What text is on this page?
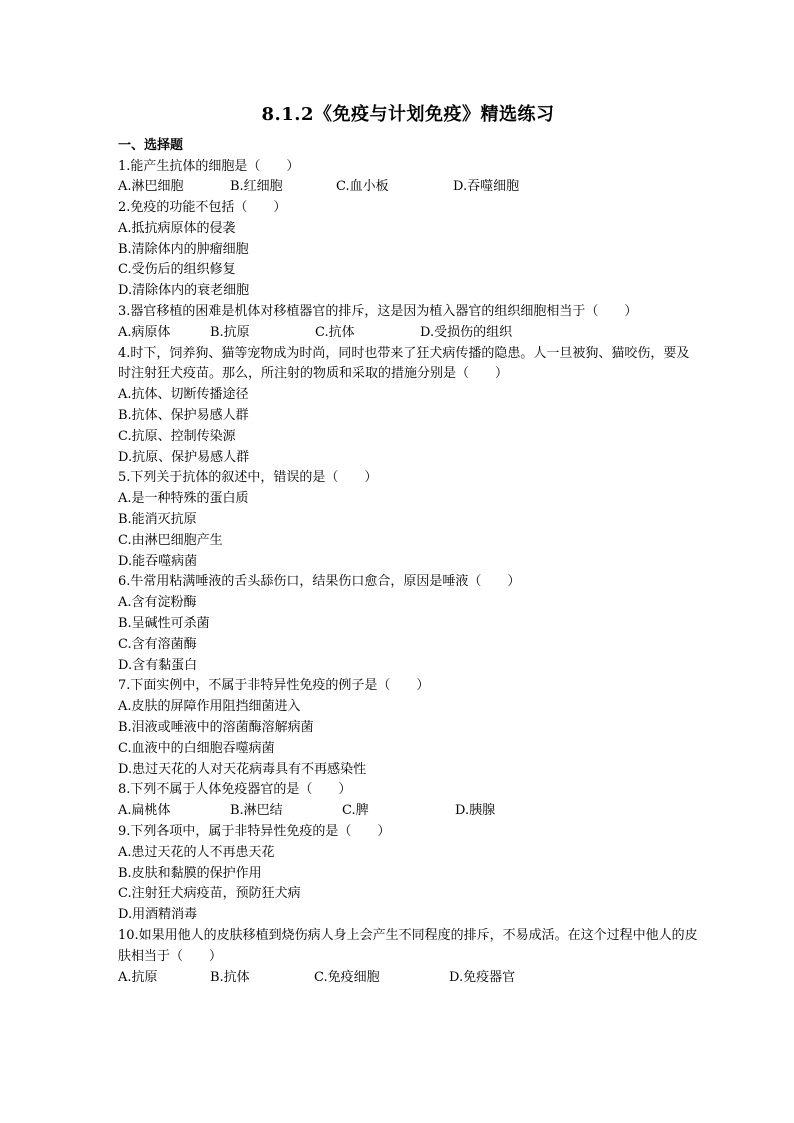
8.1.2《免疫与计划免疫》精选练习
一、选择题
1.能产生抗体的细胞是（　　）
A.淋巴细胞	B.红细胞	C.血小板	D.吞噬细胞
2.免疫的功能不包括（　　）
A.抵抗病原体的侵袭
B.清除体内的肿瘤细胞
C.受伤后的组织修复
D.清除体内的衰老细胞
3.器官移植的困难是机体对移植器官的排斥，这是因为植入器官的组织细胞相当于（　　）
A.病原体	B.抗原	C.抗体	D.受损伤的组织
4.时下，饲养狗、猫等宠物成为时尚，同时也带来了狂犬病传播的隐患。人一旦被狗、猫咬伤，要及时注射狂犬疫苗。那么，所注射的物质和采取的措施分别是（　　）
A.抗体、切断传播途径
B.抗体、保护易感人群
C.抗原、控制传染源
D.抗原、保护易感人群
5.下列关于抗体的叙述中，错误的是（　　）
A.是一种特殊的蛋白质
B.能消灭抗原
C.由淋巴细胞产生
D.能吞噬病菌
6.牛常用粘满唾液的舌头舔伤口，结果伤口愈合，原因是唾液（　　）
A.含有淀粉酶
B.呈碱性可杀菌
C.含有溶菌酶
D.含有黏蛋白
7.下面实例中，不属于非特异性免疫的例子是（　　）
A.皮肤的屏障作用阻挡细菌进入
B.泪液或唾液中的溶菌酶溶解病菌
C.血液中的白细胞吞噬病菌
D.患过天花的人对天花病毒具有不再感染性
8.下列不属于人体免疫器官的是（　　）
A.扁桃体	B.淋巴结	C.脾	D.胰腺
9.下列各项中，属于非特异性免疫的是（　　）
A.患过天花的人不再患天花
B.皮肤和黏膜的保护作用
C.注射狂犬病疫苗，预防狂犬病
D.用酒精消毒
10.如果用他人的皮肤移植到烧伤病人身上会产生不同程度的排斥，不易成活。在这个过程中他人的皮肤相当于（　　）
A.抗原	B.抗体	C.免疫细胞	D.免疫器官
